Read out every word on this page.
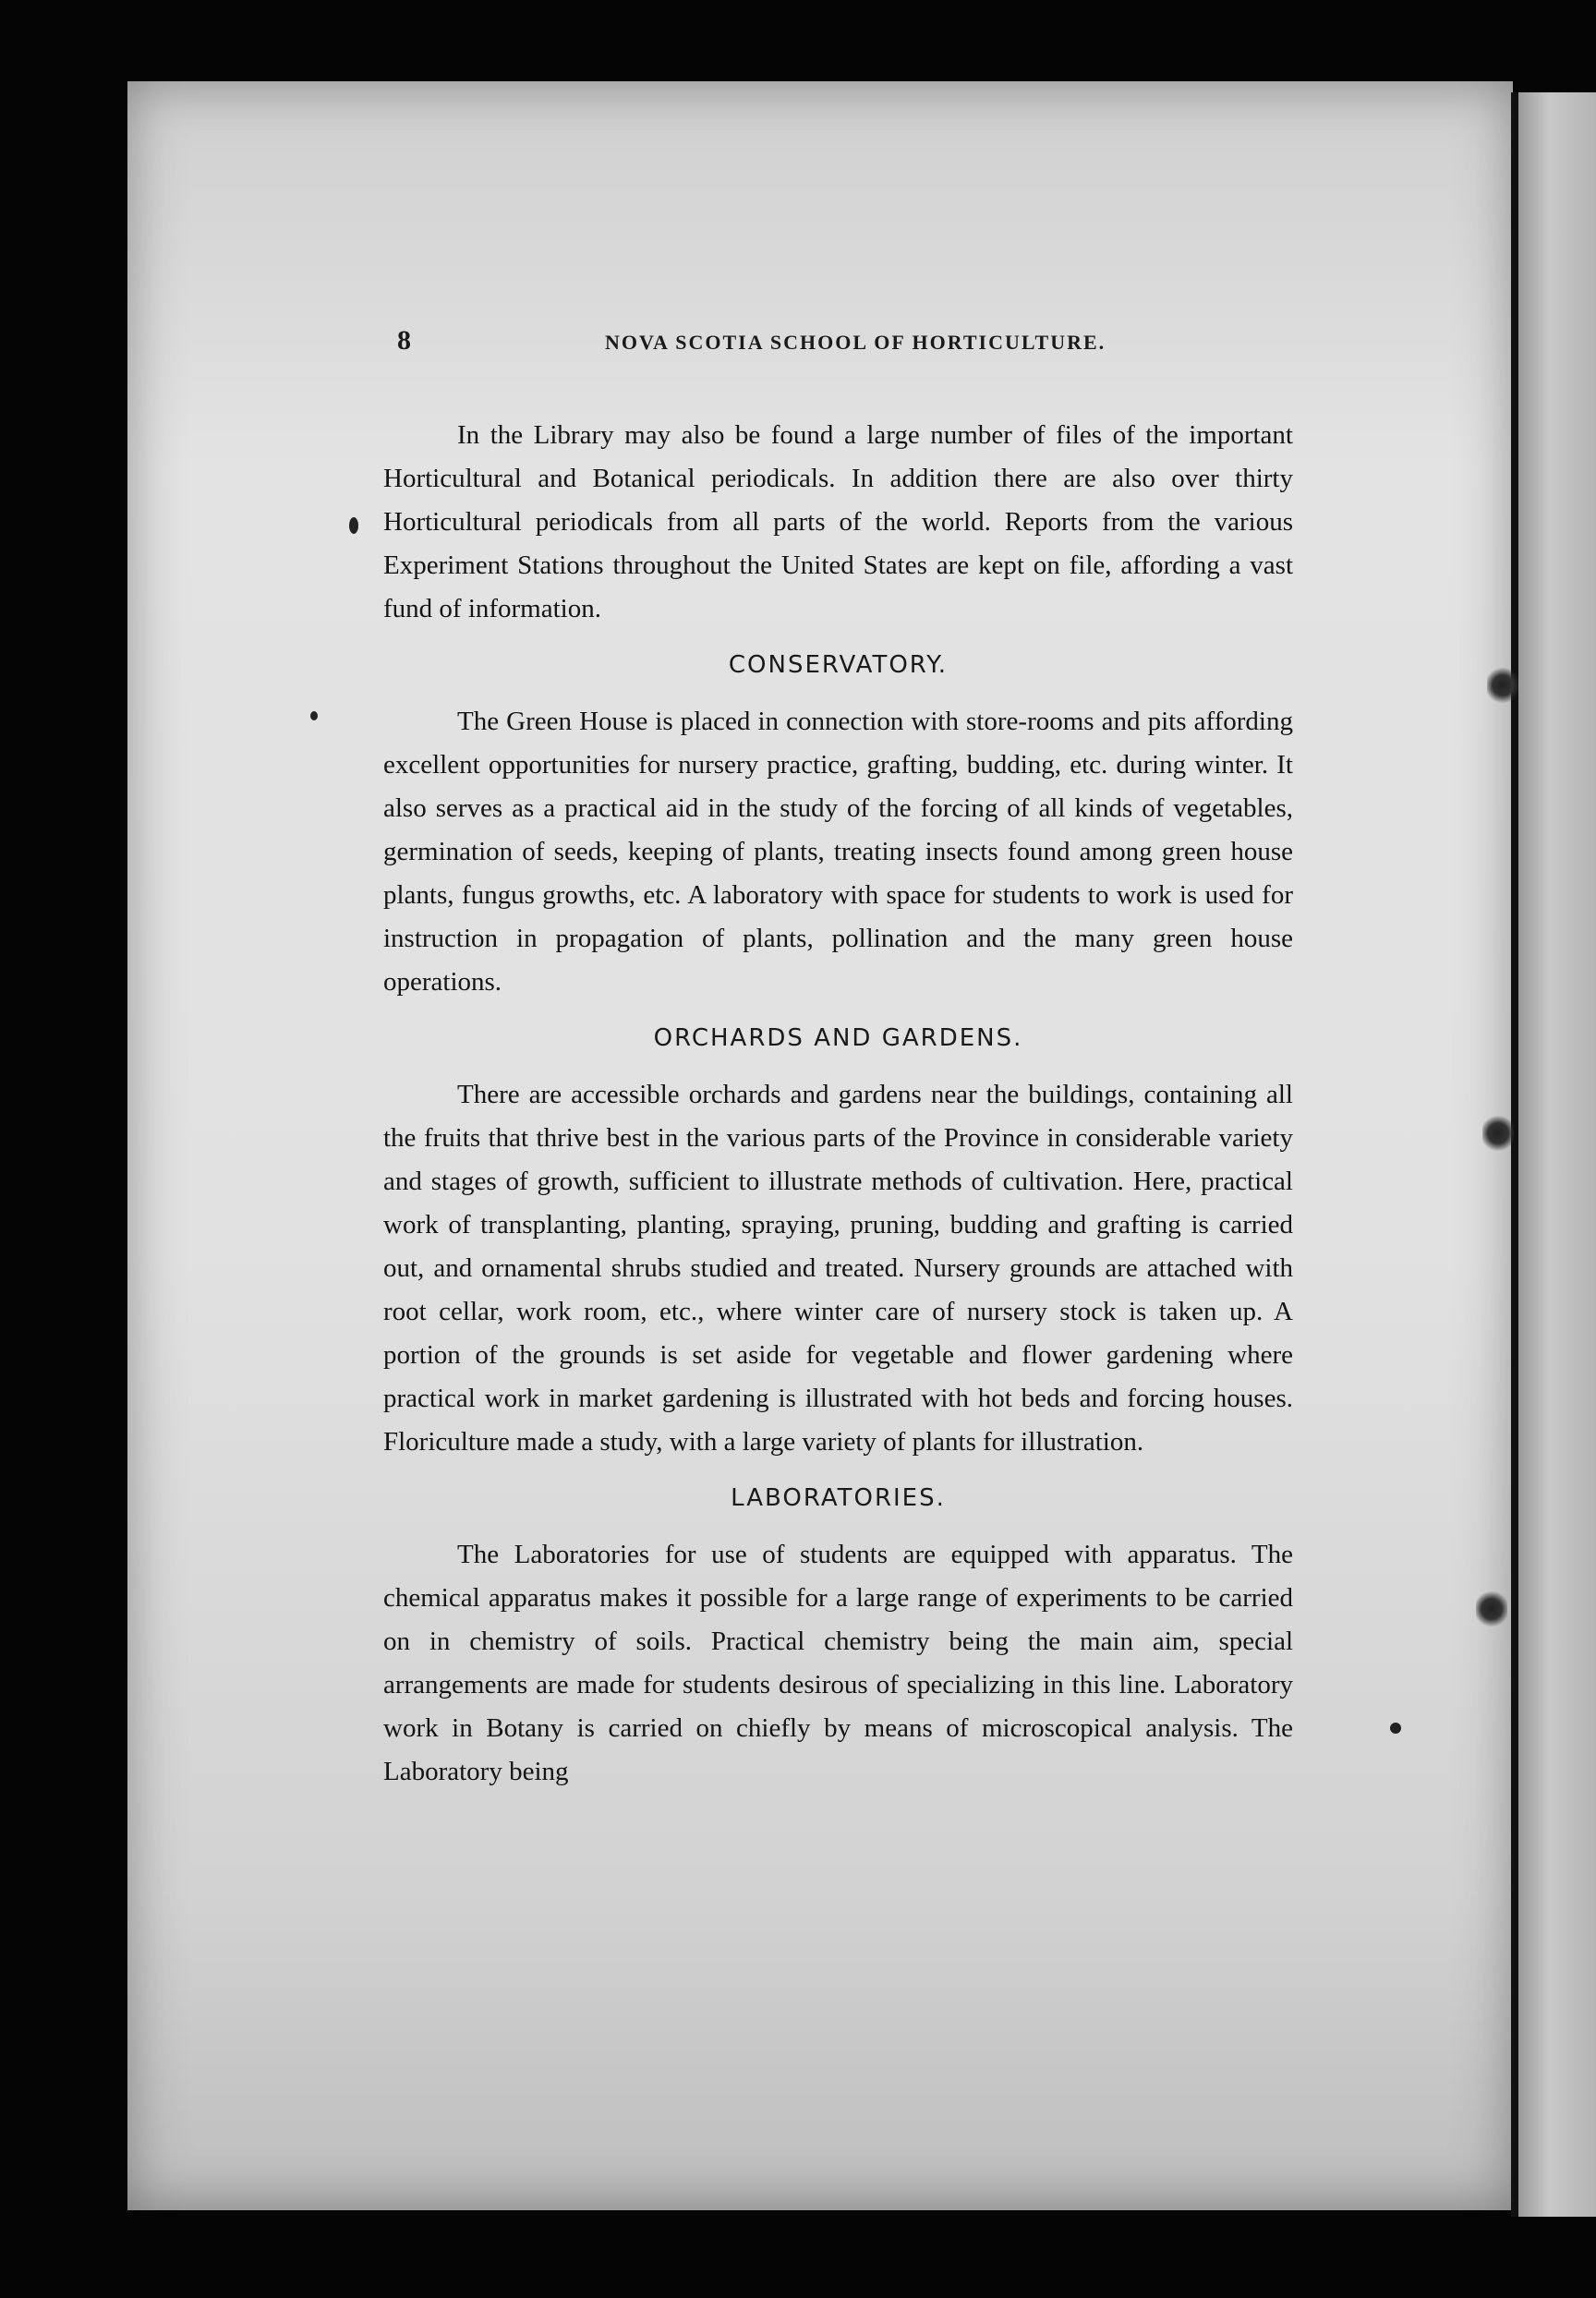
8	NOVA SCOTIA SCHOOL OF HORTICULTURE.

In the Library may also be found a large number of files of the important Horticultural and Botanical periodicals. In addition there are also over thirty Horticultural periodicals from all parts of the world. Reports from the various Experiment Stations throughout the United States are kept on file, affording a vast fund of information.

CONSERVATORY.

The Green House is placed in connection with store-rooms and pits affording excellent opportunities for nursery practice, grafting, budding, etc. during winter. It also serves as a practical aid in the study of the forcing of all kinds of vegetables, germination of seeds, keeping of plants, treating insects found among green house plants, fungus growths, etc. A laboratory with space for students to work is used for instruction in propagation of plants, pollination and the many green house operations.

ORCHARDS AND GARDENS.

There are accessible orchards and gardens near the buildings, containing all the fruits that thrive best in the various parts of the Province in considerable variety and stages of growth, sufficient to illustrate methods of cultivation. Here, practical work of transplanting, planting, spraying, pruning, budding and grafting is carried out, and ornamental shrubs studied and treated. Nursery grounds are attached with root cellar, work room, etc., where winter care of nursery stock is taken up. A portion of the grounds is set aside for vegetable and flower gardening where practical work in market gardening is illustrated with hot beds and forcing houses. Floriculture made a study, with a large variety of plants for illustration.

LABORATORIES.

The Laboratories for use of students are equipped with apparatus. The chemical apparatus makes it possible for a large range of experiments to be carried on in chemistry of soils. Practical chemistry being the main aim, special arrangements are made for students desirous of specializing in this line. Laboratory work in Botany is carried on chiefly by means of microscopical analysis. The Laboratory being
